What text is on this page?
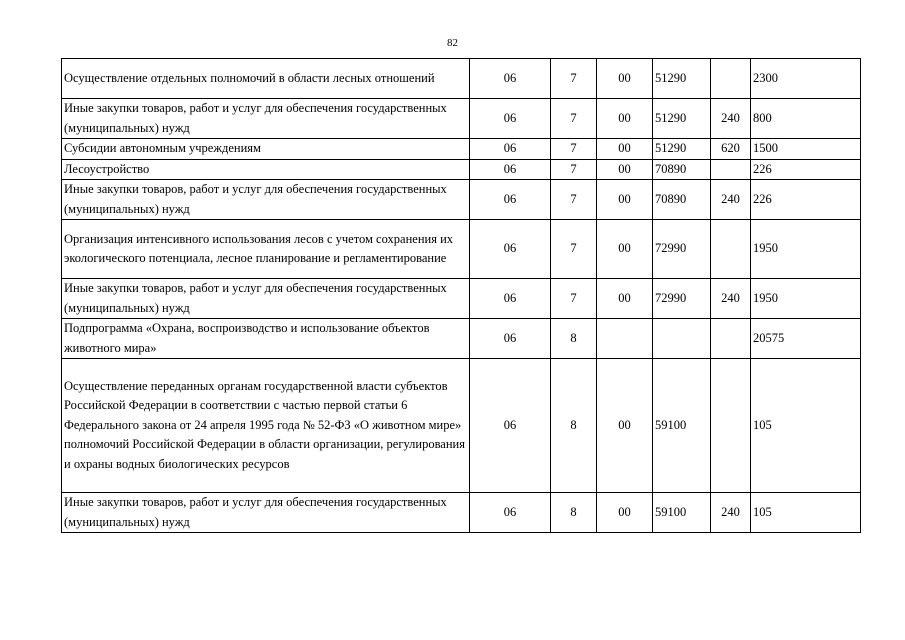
82
Осуществление отдельных полномочий в области лесных отношений	06	7	00	51290		2300
Иные закупки товаров, работ и услуг для обеспечения государственных (муниципальных) нужд	06	7	00	51290	240	800
Субсидии автономным учреждениям	06	7	00	51290	620	1500
Лесоустройство	06	7	00	70890		226
Иные закупки товаров, работ и услуг для обеспечения государственных (муниципальных) нужд	06	7	00	70890	240	226
Организация интенсивного использования лесов с учетом сохранения их экологического потенциала, лесное планирование и регламентирование	06	7	00	72990		1950
Иные закупки товаров, работ и услуг для обеспечения государственных (муниципальных) нужд	06	7	00	72990	240	1950
Подпрограмма «Охрана, воспроизводство и использование объектов животного мира»	06	8				20575
Осуществление переданных органам государственной власти субъектов Российской Федерации в соответствии с частью первой статьи 6 Федерального закона от 24 апреля 1995 года № 52-ФЗ «О животном мире» полномочий Российской Федерации в области организации, регулирования и охраны водных биологических ресурсов	06	8	00	59100		105
Иные закупки товаров, работ и услуг для обеспечения государственных (муниципальных) нужд	06	8	00	59100	240	105
